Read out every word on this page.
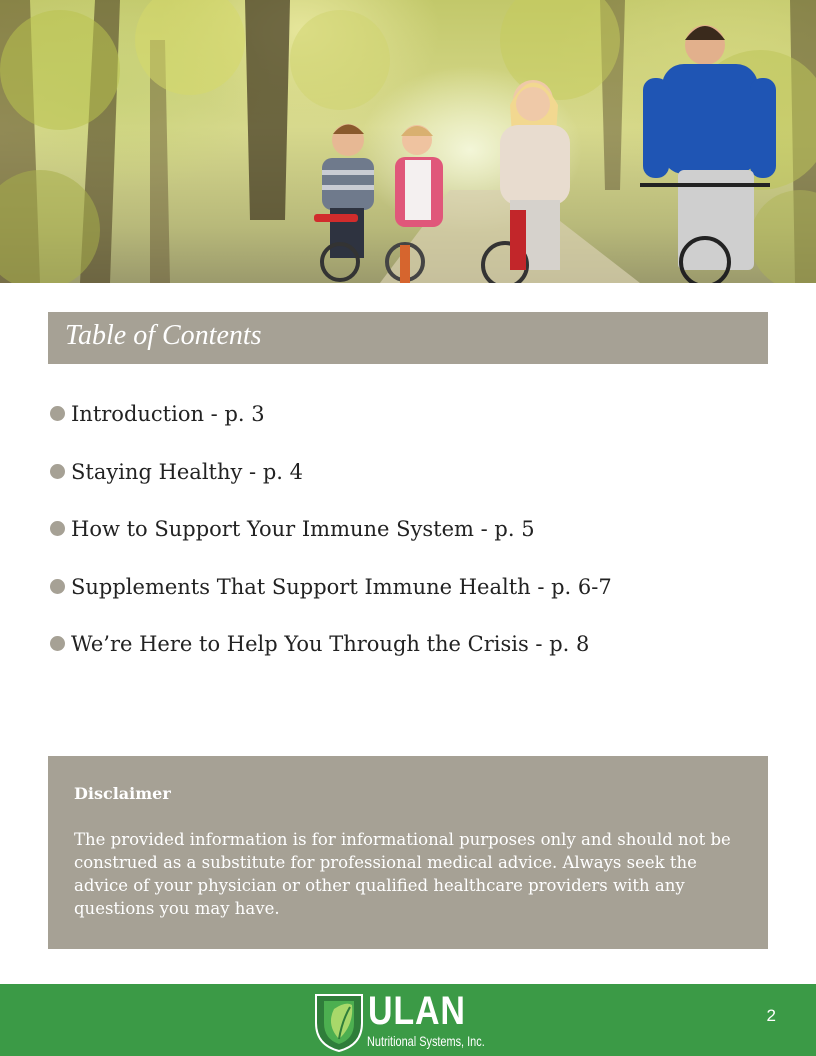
Table of Contents
Introduction - p. 3
Staying Healthy - p. 4
How to Support Your Immune System - p. 5
Supplements That Support Immune Health - p. 6-7
We’re Here to Help You Through the Crisis - p. 8
Disclaimer

The provided information is for informational purposes only and should not be construed as a substitute for professional medical advice. Always seek the advice of your physician or other qualified healthcare providers with any questions you may have.

ULAN
Nutritional Systems, Inc.
2
